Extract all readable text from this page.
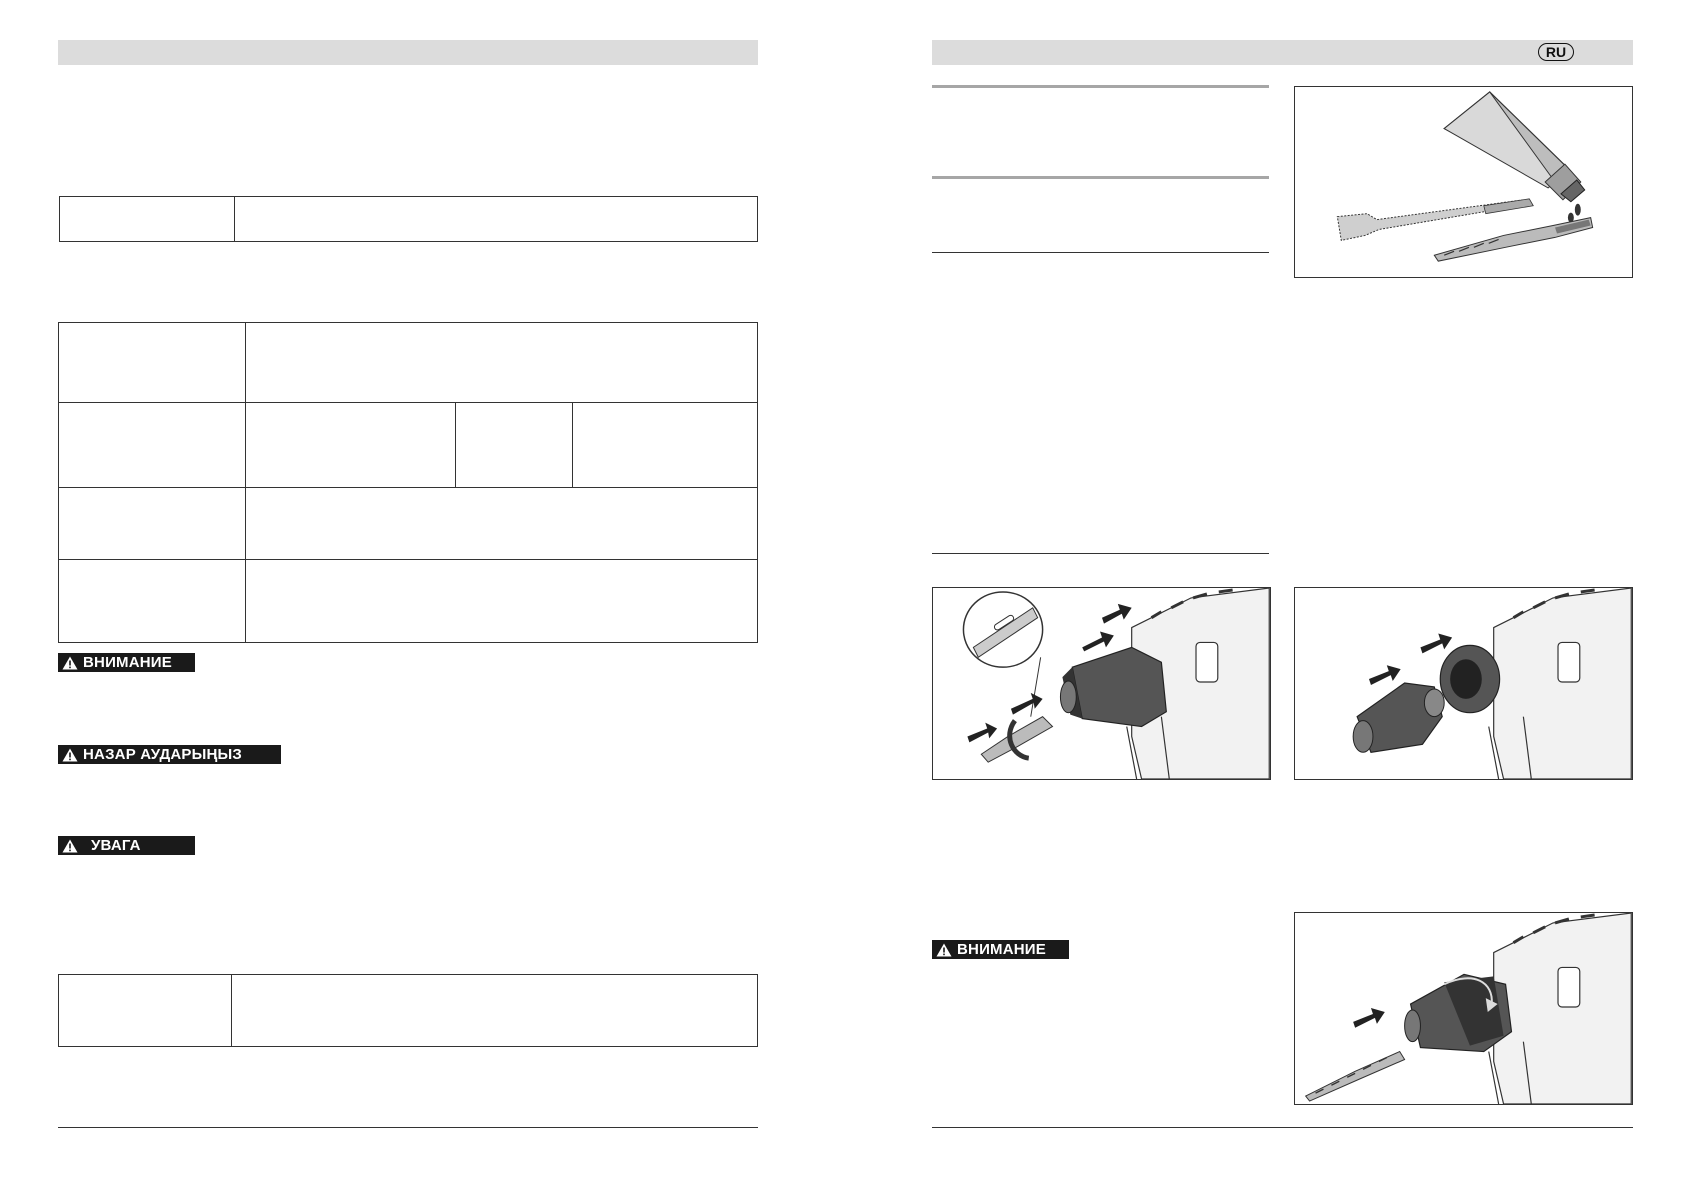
ВНИМАНИЕ
НАЗАР АУДАРЫҢЫЗ
УВАГА
RU
ВНИМАНИЕ
